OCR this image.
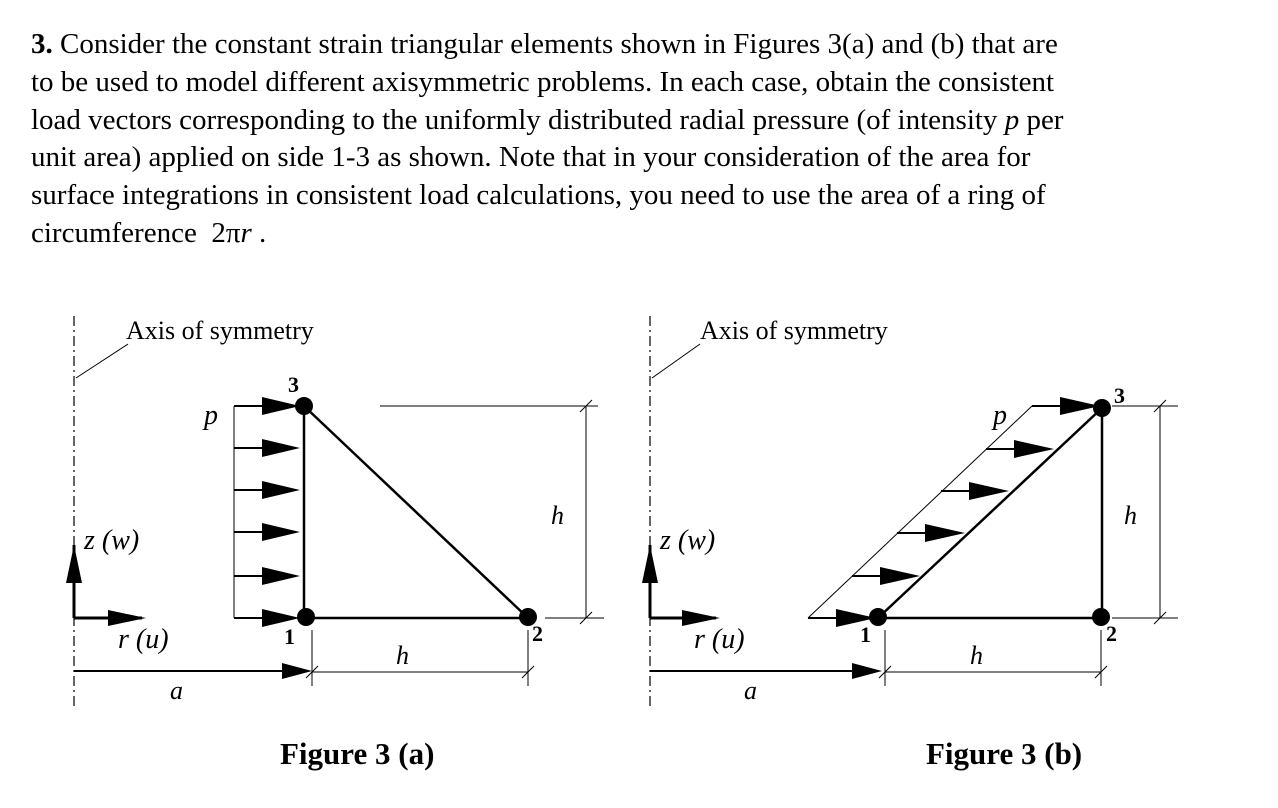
3. Consider the constant strain triangular elements shown in Figures 3(a) and (b) that are
to be used to model different axisymmetric problems. In each case, obtain the consistent
load vectors corresponding to the uniformly distributed radial pressure (of intensity p per
unit area) applied on side 1-3 as shown. Note that in your consideration of the area for
surface integrations in consistent load calculations, you need to use the area of a ring of
circumference 2πr .
Axis of symmetry
z (w)
r (u)
a
p
1	2
3
h
h
Figure 3 (a)
Axis of symmetry
z (w)
r (u)
a
p
1	2
3
h
h
Figure 3 (b)
